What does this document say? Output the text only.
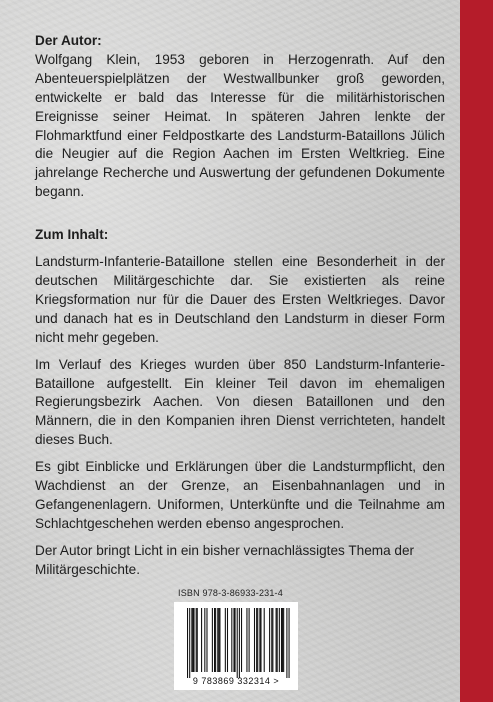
Der Autor:

Wolfgang Klein, 1953 geboren in Herzogenrath. Auf den Abenteuerspielplätzen der Westwallbunker groß geworden, entwickelte er bald das Interesse für die militärhistorischen Ereignisse seiner Heimat. In späteren Jahren lenkte der Flohmarktfund einer Feldpostkarte des Landsturm-Bataillons Jülich die Neugier auf die Region Aachen im Ersten Weltkrieg. Eine jahrelange Recherche und Auswertung der gefundenen Dokumente begann.

Zum Inhalt:

Landsturm-Infanterie-Bataillone stellen eine Besonderheit in der deutschen Militärgeschichte dar. Sie existierten als reine Kriegsformation nur für die Dauer des Ersten Weltkrieges. Davor und danach hat es in Deutschland den Landsturm in dieser Form nicht mehr gegeben.

Im Verlauf des Krieges wurden über 850 Landsturm-Infanterie-Bataillone aufgestellt. Ein kleiner Teil davon im ehemaligen Regierungsbezirk Aachen. Von diesen Bataillonen und den Männern, die in den Kompanien ihren Dienst verrichteten, handelt dieses Buch.

Es gibt Einblicke und Erklärungen über die Landsturmpflicht, den Wachdienst an der Grenze, an Eisenbahnanlagen und in Gefangenenlagern. Uniformen, Unterkünfte und die Teilnahme am Schlachtgeschehen werden ebenso angesprochen.

Der Autor bringt Licht in ein bisher vernachlässigtes Thema der Militärgeschichte.

ISBN 978-3-86933-231-4
9 783869 332314 >
